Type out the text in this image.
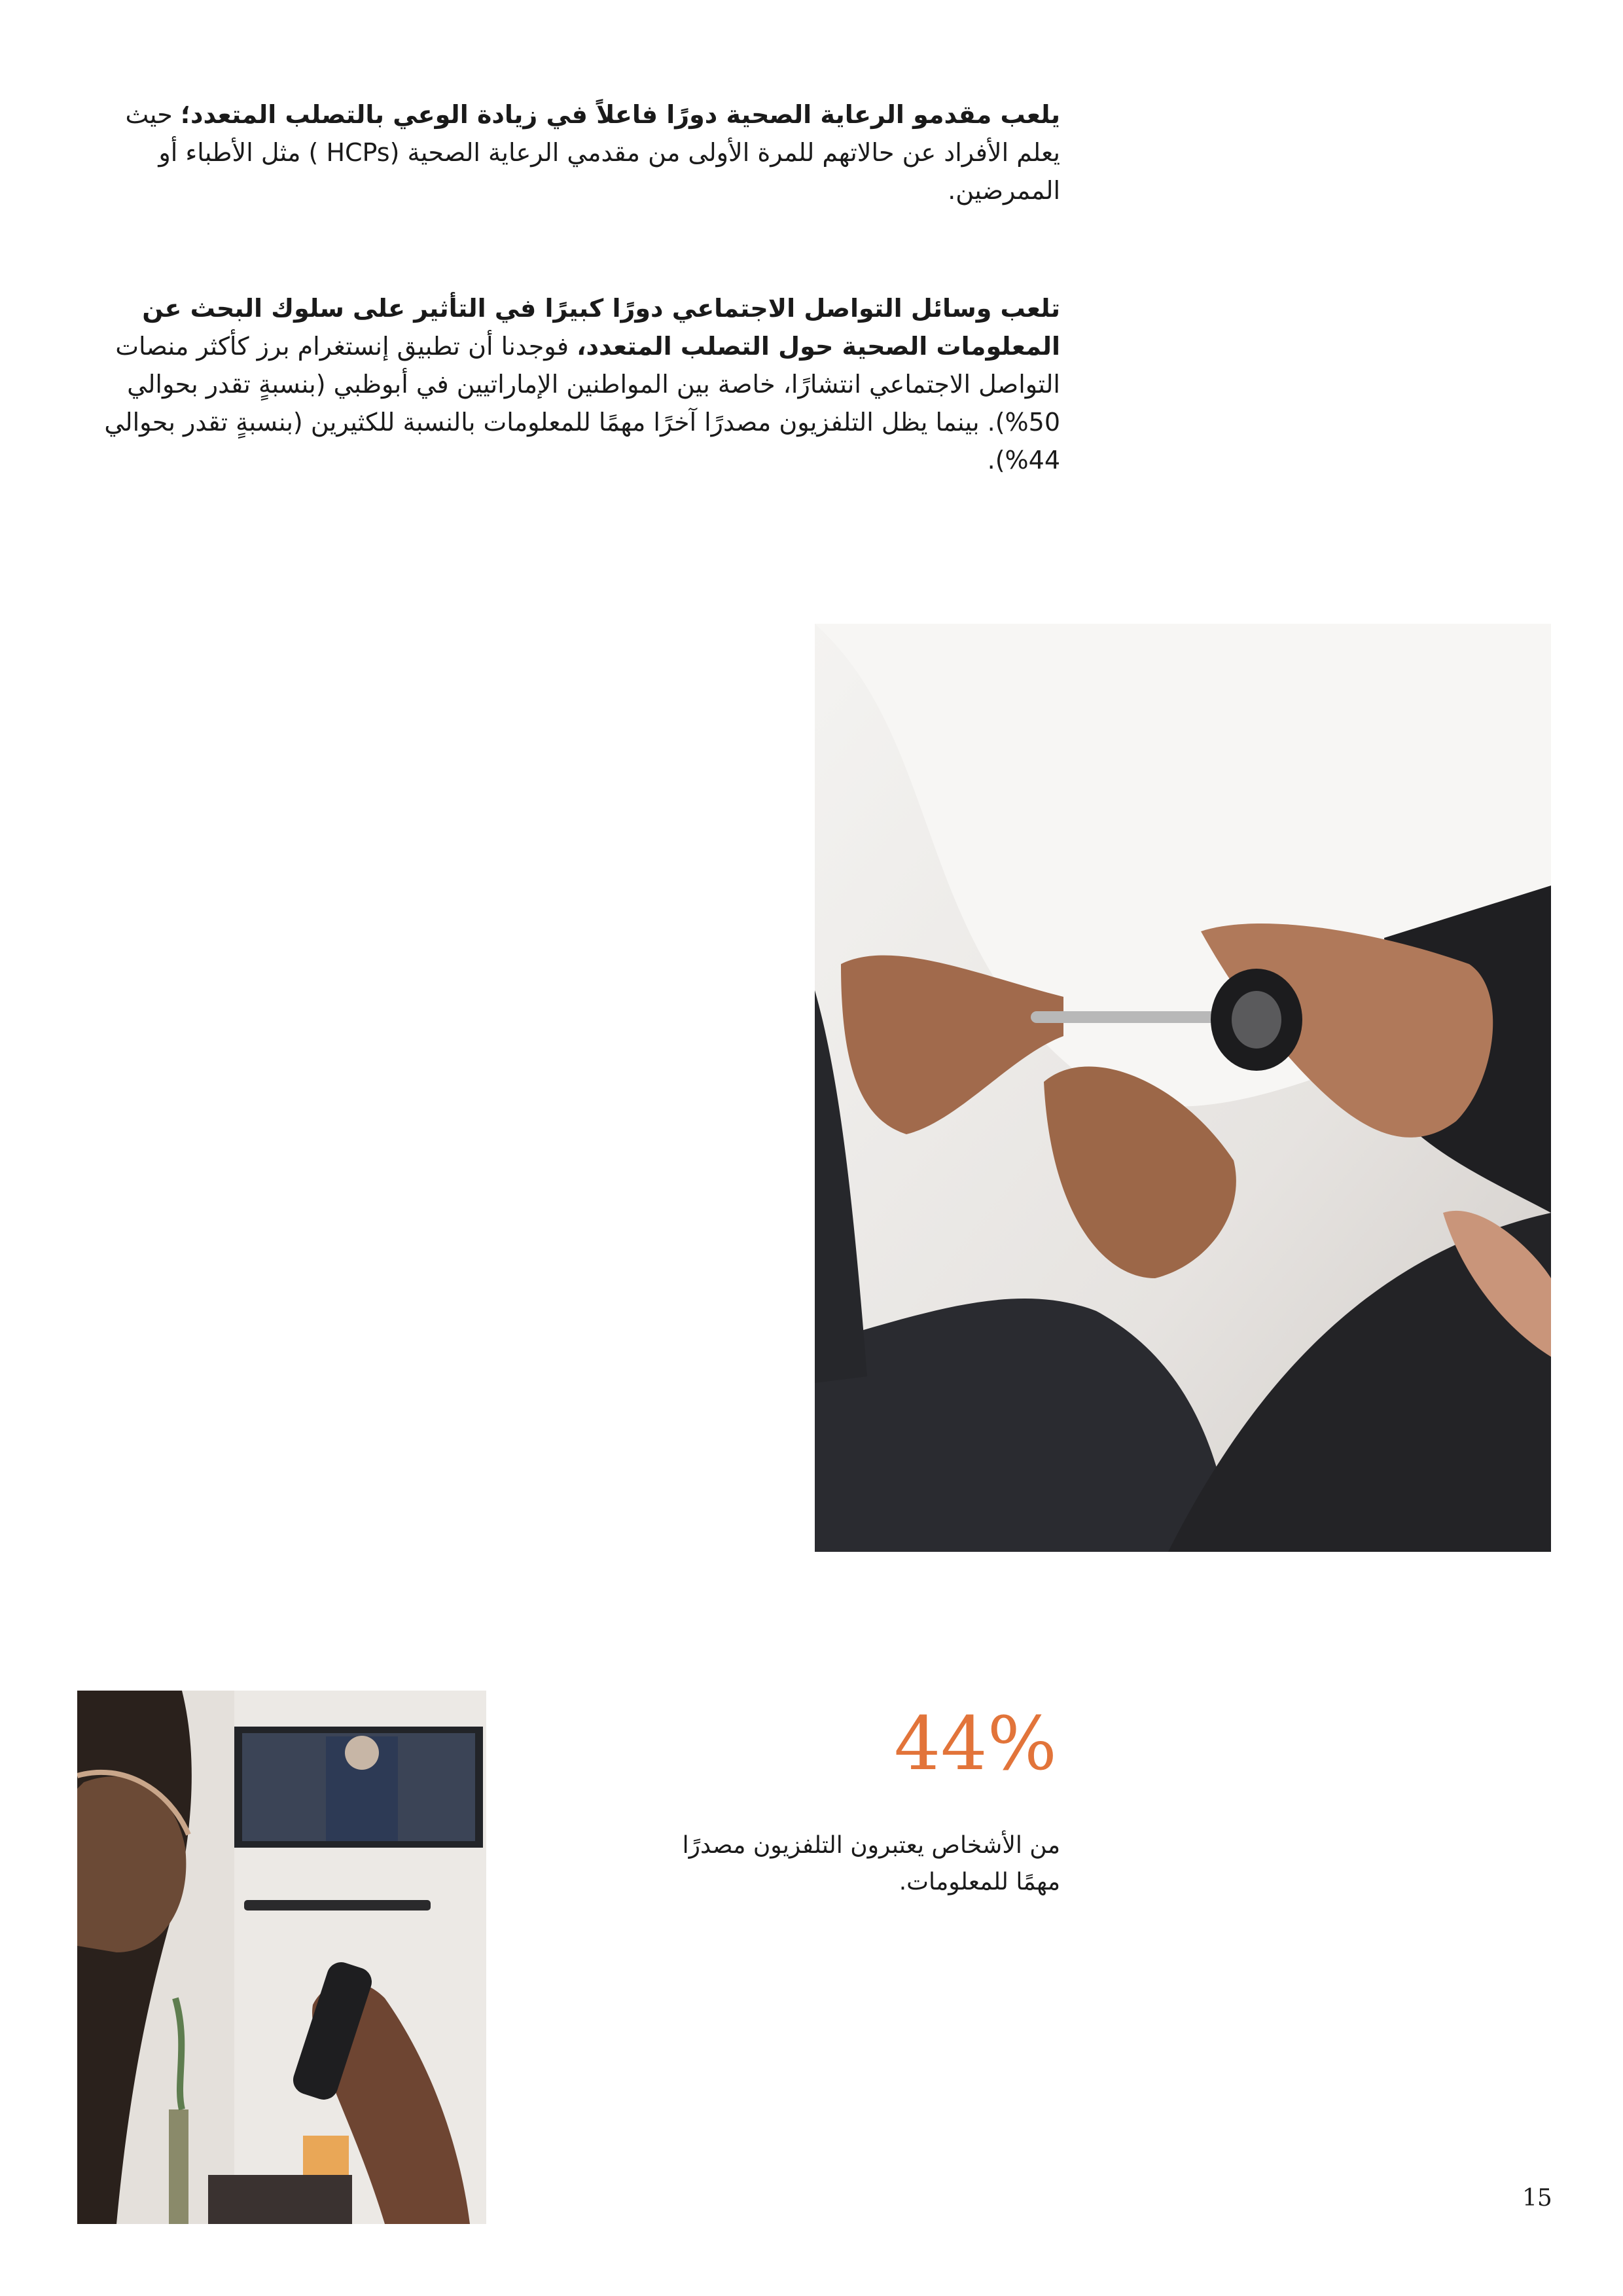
يلعب مقدمو الرعاية الصحية دورًا فاعلاً في زيادة الوعي بالتصلب المتعدد؛ حيث يعلم الأفراد عن حالاتهم للمرة الأولى من مقدمي الرعاية الصحية (HCPs ) مثل الأطباء أو الممرضين.

تلعب وسائل التواصل الاجتماعي دورًا كبيرًا في التأثير على سلوك البحث عن المعلومات الصحية حول التصلب المتعدد، فوجدنا أن تطبيق إنستغرام برز كأكثر منصات التواصل الاجتماعي انتشارًا، خاصة بين المواطنين الإماراتيين في أبوظبي (بنسبةٍ تقدر بحوالي 50%). بينما يظل التلفزيون مصدرًا آخرًا مهمًا للمعلومات بالنسبة للكثيرين (بنسبةٍ تقدر بحوالي 44%).

44%

من الأشخاص يعتبرون التلفزيون مصدرًا مهمًا للمعلومات.

15
